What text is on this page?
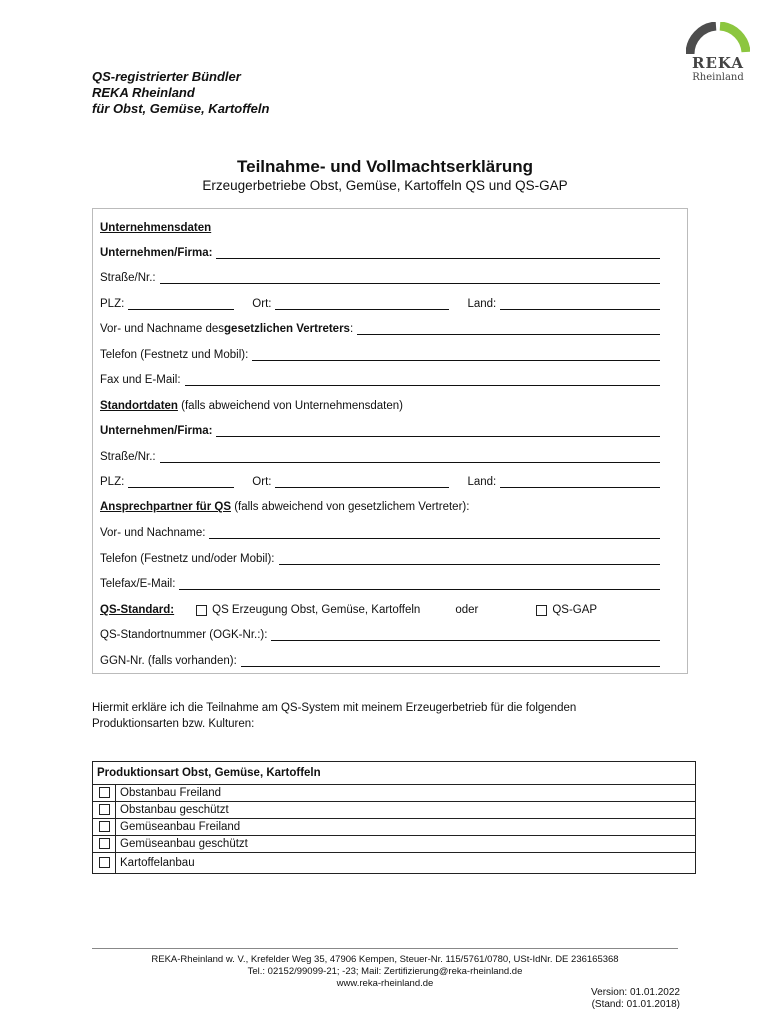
QS-registrierter Bündler
REKA Rheinland
für Obst, Gemüse, Kartoffeln
REKA
Rheinland
Teilnahme- und Vollmachtserklärung
Erzeugerbetriebe Obst, Gemüse, Kartoffeln QS und QS-GAP
Unternehmensdaten
Unternehmen/Firma:
Straße/Nr.:
PLZ:	Ort:	Land:
Vor- und Nachname des gesetzlichen Vertreters :
Telefon (Festnetz und Mobil):
Fax und E-Mail:
Standortdaten (falls abweichend von Unternehmensdaten)
Unternehmen/Firma:
Straße/Nr.:
PLZ:	Ort:	Land:
Ansprechpartner für QS (falls abweichend von gesetzlichem Vertreter):
Vor- und Nachname:
Telefon (Festnetz und/oder Mobil):
Telefax/E-Mail:
QS-Standard:	QS Erzeugung Obst, Gemüse, Kartoffeln	oder	QS-GAP
QS-Standortnummer (OGK-Nr.:):
GGN-Nr. (falls vorhanden):
Hiermit erkläre ich die Teilnahme am QS-System mit meinem Erzeugerbetrieb für die folgenden
Produktionsarten bzw. Kulturen:
Produktionsart Obst, Gemüse, Kartoffeln	
	Obstanbau Freiland
	Obstanbau geschützt
	Gemüseanbau Freiland
	Gemüseanbau geschützt
	Kartoffelanbau
REKA-Rheinland w. V., Krefelder Weg 35, 47906 Kempen, Steuer-Nr. 115/5761/0780, USt-IdNr. DE 236165368
Tel.: 02152/99099-21; -23; Mail: Zertifizierung@reka-rheinland.de
www.reka-rheinland.de
Version: 01.01.2022
(Stand: 01.01.2018)
